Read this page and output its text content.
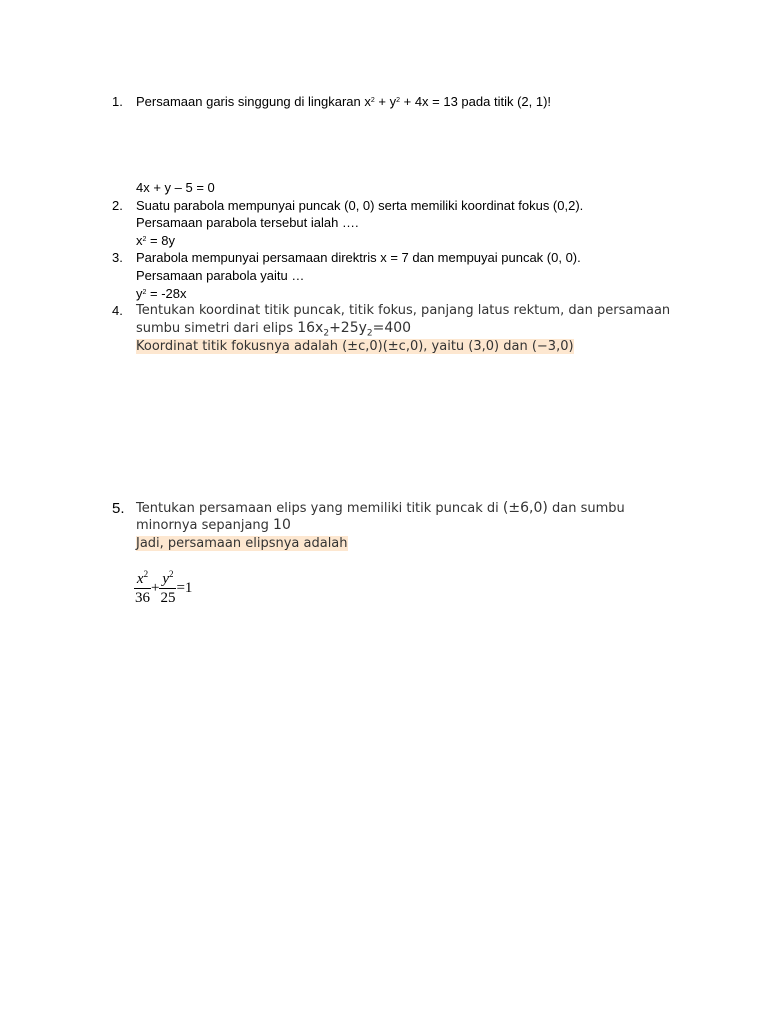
1.	Persamaan garis singgung di lingkaran $x^2 + y^2 + 4x = 13$ pada titik (2, 1)!
4x + y – 5 = 0
2.	Suatu parabola mempunyai puncak (0, 0) serta memiliki koordinat fokus (0,2).
Persamaan parabola tersebut ialah ….
$x^2 = 8y$
3.	Parabola mempunyai persamaan direktris x = 7 dan mempuyai puncak (0, 0).
Persamaan parabola yaitu …
$y^2 = -28x$
4.	Tentukan koordinat titik puncak, titik fokus, panjang latus rektum, dan persamaan
sumbu simetri dari elips $16x_2+25y_2=400$
Koordinat titik fokusnya adalah (±c,0)(±c,0), yaitu (3,0) dan (−3,0)
5. Tentukan persamaan elips yang memiliki titik puncak di (±6,0) dan sumbu
minornya sepanjang 10
Jadi, persamaan elipsnya adalah
$\frac{x^2}{36} + \frac{y^2}{25} =1$
